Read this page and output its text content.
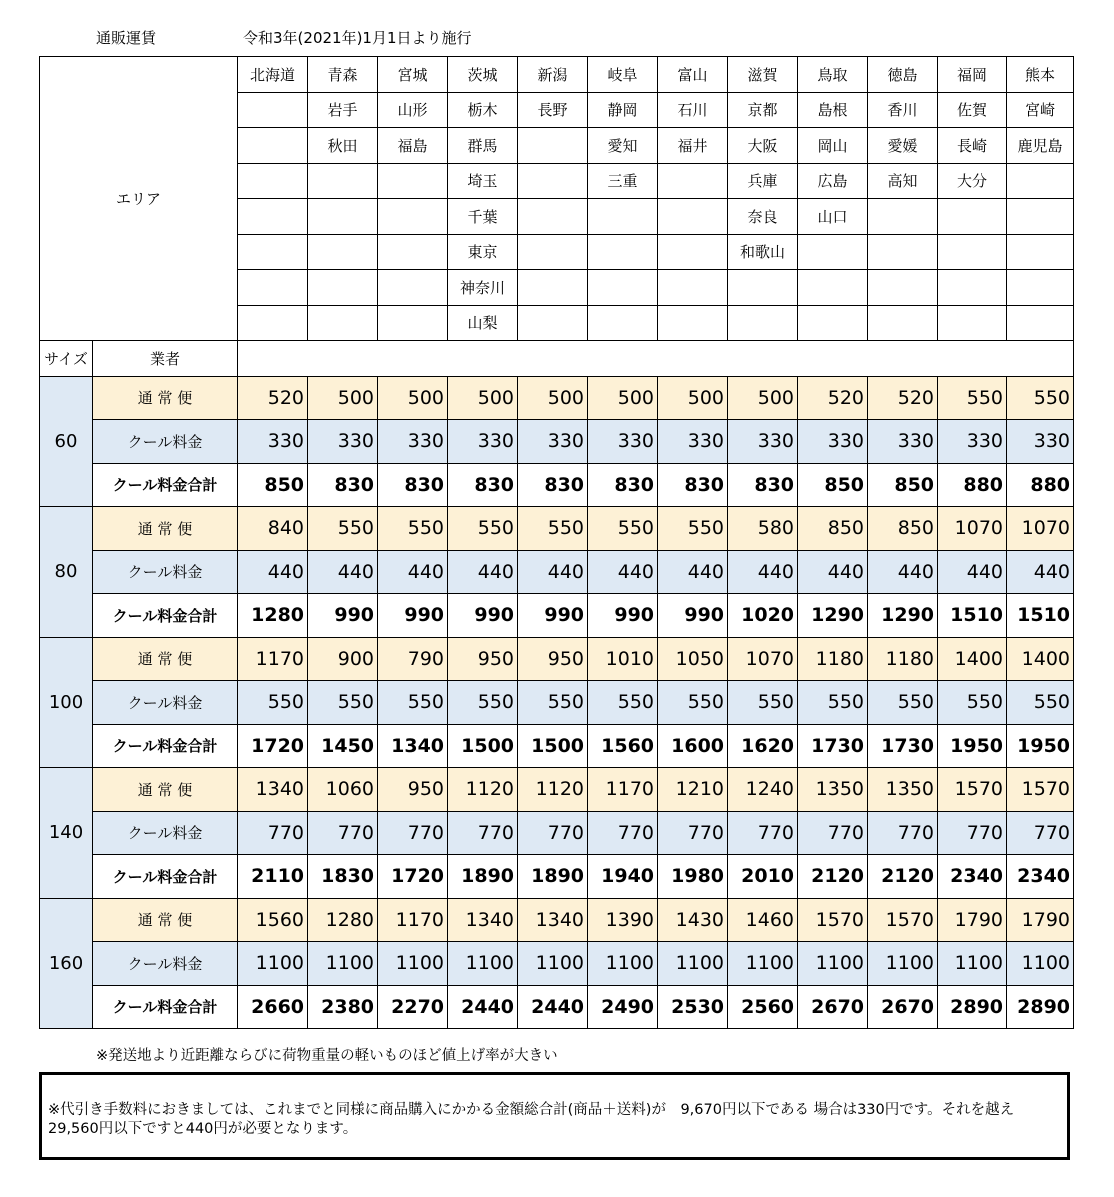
通販運賃	令和3年(2021年)1月1日より施行
エリア		北海道	青森	宮城	茨城	新潟	岐阜	富山	滋賀	鳥取	徳島	福岡	熊本
			岩手	山形	栃木	長野	静岡	石川	京都	島根	香川	佐賀	宮崎
			秋田	福島	群馬		愛知	福井	大阪	岡山	愛媛	長崎	鹿児島
					埼玉		三重		兵庫	広島	高知	大分	
					千葉				奈良	山口			
					東京				和歌山				
					神奈川								
					山梨								
サイズ	業者												
60	通 常 便	520	500	500	500	500	500	500	500	520	520	550	550
	クール料金	330	330	330	330	330	330	330	330	330	330	330	330
	クール料金合計	850	830	830	830	830	830	830	830	850	850	880	880
80	通 常 便	840	550	550	550	550	550	550	580	850	850	1070	1070
	クール料金	440	440	440	440	440	440	440	440	440	440	440	440
	クール料金合計	1280	990	990	990	990	990	990	1020	1290	1290	1510	1510
100	通 常 便	1170	900	790	950	950	1010	1050	1070	1180	1180	1400	1400
	クール料金	550	550	550	550	550	550	550	550	550	550	550	550
	クール料金合計	1720	1450	1340	1500	1500	1560	1600	1620	1730	1730	1950	1950
140	通 常 便	1340	1060	950	1120	1120	1170	1210	1240	1350	1350	1570	1570
	クール料金	770	770	770	770	770	770	770	770	770	770	770	770
	クール料金合計	2110	1830	1720	1890	1890	1940	1980	2010	2120	2120	2340	2340
160	通 常 便	1560	1280	1170	1340	1340	1390	1430	1460	1570	1570	1790	1790
	クール料金	1100	1100	1100	1100	1100	1100	1100	1100	1100	1100	1100	1100
	クール料金合計	2660	2380	2270	2440	2440	2490	2530	2560	2670	2670	2890	2890
※発送地より近距離ならびに荷物重量の軽いものほど値上げ率が大きい

※代引き手数料におきましては、これまでと同様に商品購入にかかる金額総合計(商品＋送料)が　9,670円以下である 場合は330円です。それを越え29,560円以下ですと440円が必要となります。
